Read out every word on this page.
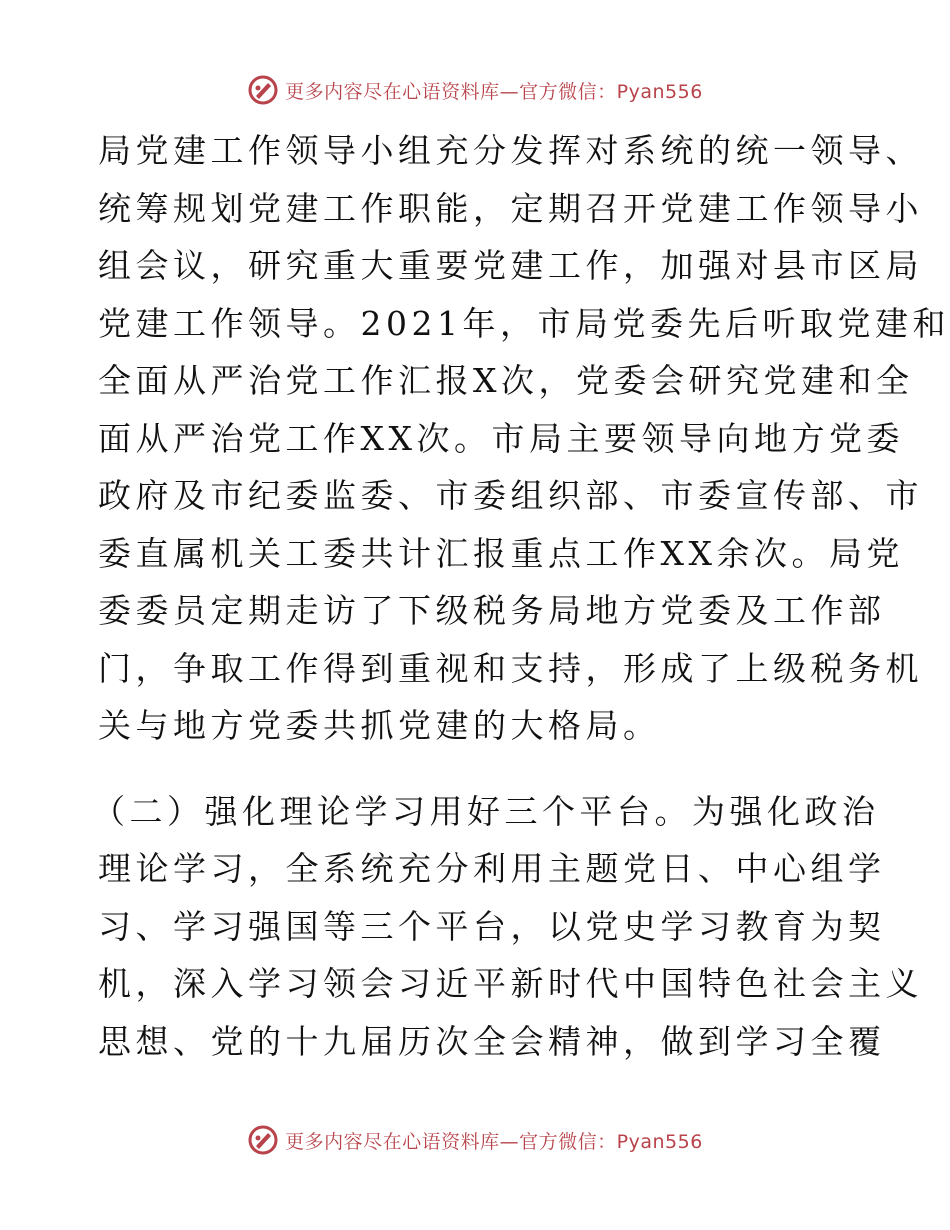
更多内容尽在心语资料库—官方微信：Pyan556
局党建工作领导小组充分发挥对系统的统一领导、
统筹规划党建工作职能，定期召开党建工作领导小
组会议，研究重大重要党建工作，加强对县市区局
党建工作领导。2021年，市局党委先后听取党建和
全面从严治党工作汇报X次，党委会研究党建和全
面从严治党工作XX次。市局主要领导向地方党委
政府及市纪委监委、市委组织部、市委宣传部、市
委直属机关工委共计汇报重点工作XX余次。局党
委委员定期走访了下级税务局地方党委及工作部
门，争取工作得到重视和支持，形成了上级税务机
关与地方党委共抓党建的大格局。
（二）强化理论学习用好三个平台。为强化政治
理论学习，全系统充分利用主题党日、中心组学
习、学习强国等三个平台，以党史学习教育为契
机，深入学习领会习近平新时代中国特色社会主义
思想、党的十九届历次全会精神，做到学习全覆
更多内容尽在心语资料库—官方微信：Pyan556
